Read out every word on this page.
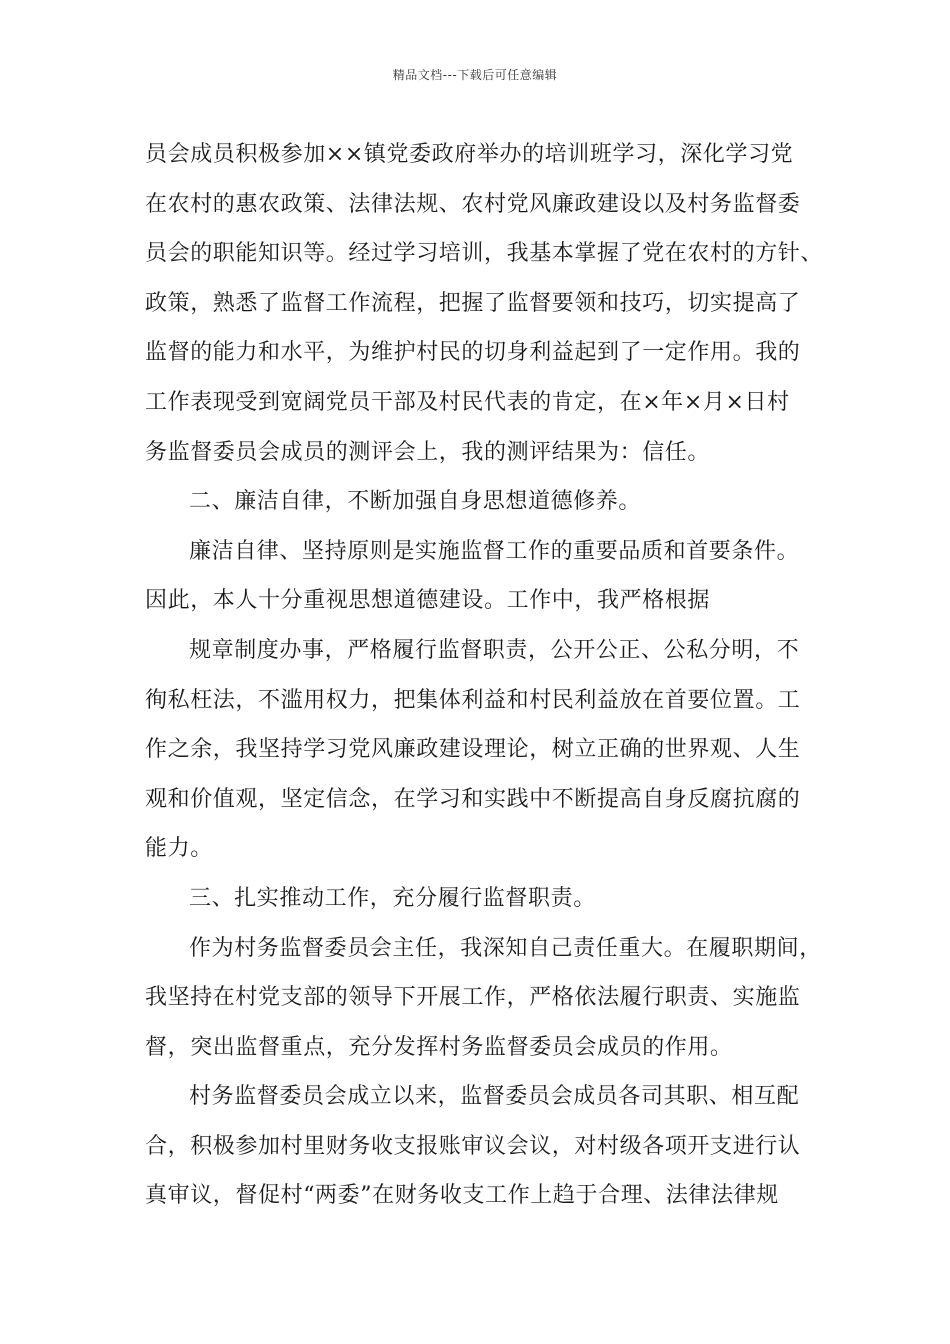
精品文档---下载后可任意编辑
员会成员积极参加××镇党委政府举办的培训班学习，深化学习党
在农村的惠农政策、法律法规、农村党风廉政建设以及村务监督委
员会的职能知识等。经过学习培训，我基本掌握了党在农村的方针、
政策，熟悉了监督工作流程，把握了监督要领和技巧，切实提高了
监督的能力和水平，为维护村民的切身利益起到了一定作用。我的
工作表现受到宽阔党员干部及村民代表的肯定，在×年×月×日村
务监督委员会成员的测评会上，我的测评结果为：信任。
二、廉洁自律，不断加强自身思想道德修养。
廉洁自律、坚持原则是实施监督工作的重要品质和首要条件。
因此，本人十分重视思想道德建设。工作中，我严格根据
规章制度办事，严格履行监督职责，公开公正、公私分明，不
徇私枉法，不滥用权力，把集体利益和村民利益放在首要位置。工
作之余，我坚持学习党风廉政建设理论，树立正确的世界观、人生
观和价值观，坚定信念，在学习和实践中不断提高自身反腐抗腐的
能力。
三、扎实推动工作，充分履行监督职责。
作为村务监督委员会主任，我深知自己责任重大。在履职期间，
我坚持在村党支部的领导下开展工作，严格依法履行职责、实施监
督，突出监督重点，充分发挥村务监督委员会成员的作用。
村务监督委员会成立以来，监督委员会成员各司其职、相互配
合，积极参加村里财务收支报账审议会议，对村级各项开支进行认
真审议，督促村“两委”在财务收支工作上趋于合理、法律法律规
